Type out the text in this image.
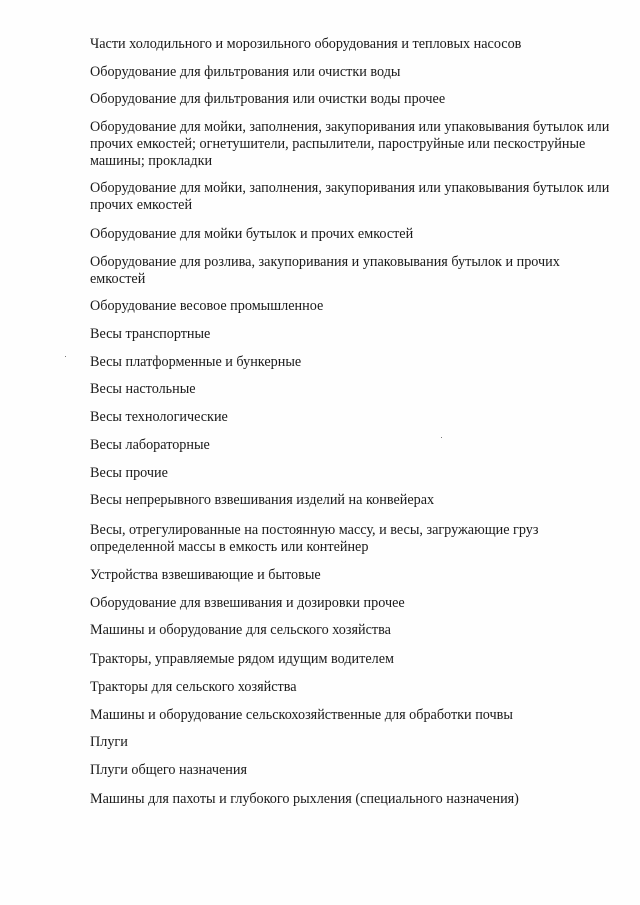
Части холодильного и морозильного оборудования и тепловых насосов

Оборудование для фильтрования или очистки воды

Оборудование для фильтрования или очистки воды прочее

Оборудование для мойки, заполнения, закупоривания или упаковывания бутылок или прочих емкостей; огнетушители, распылители, пароструйные или пескоструйные машины; прокладки

Оборудование для мойки, заполнения, закупоривания или упаковывания бутылок или прочих емкостей

Оборудование для мойки бутылок и прочих емкостей

Оборудование для розлива, закупоривания и упаковывания бутылок и прочих емкостей

Оборудование весовое промышленное

Весы транспортные

Весы платформенные и бункерные

Весы настольные

Весы технологические

Весы лабораторные

Весы прочие

Весы непрерывного взвешивания изделий на конвейерах

Весы, отрегулированные на постоянную массу, и весы, загружающие груз определенной массы в емкость или контейнер

Устройства взвешивающие и бытовые

Оборудование для взвешивания и дозировки прочее

Машины и оборудование для сельского хозяйства

Тракторы, управляемые рядом идущим водителем

Тракторы для сельского хозяйства

Машины и оборудование сельскохозяйственные для обработки почвы

Плуги

Плуги общего назначения

Машины для пахоты и глубокого рыхления (специального назначения)
